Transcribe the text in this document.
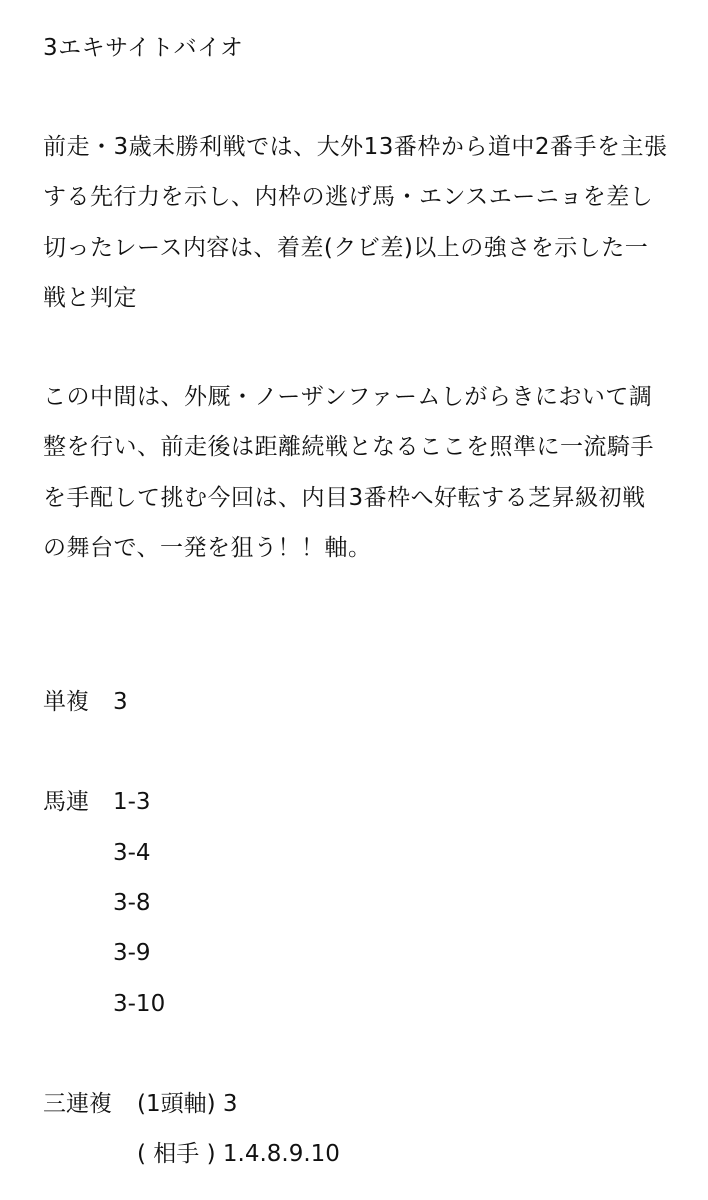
3エキサイトバイオ
前走・3歳未勝利戦では、大外13番枠から道中2番手を主張
する先行力を示し、内枠の逃げ馬・エンスエーニョを差し
切ったレース内容は、着差(クビ差)以上の強さを示した一
戦と判定
この中間は、外厩・ノーザンファームしがらきにおいて調
整を行い、前走後は距離続戦となるここを照準に一流騎手
を手配して挑む今回は、内目3番枠へ好転する芝昇級初戦
の舞台で、一発を狙う！！軸。
単複 3
馬連 1-3
3-4
3-8
3-9
3-10
三連複 (1頭軸) 3
( 相手 ) 1.4.8.9.10
